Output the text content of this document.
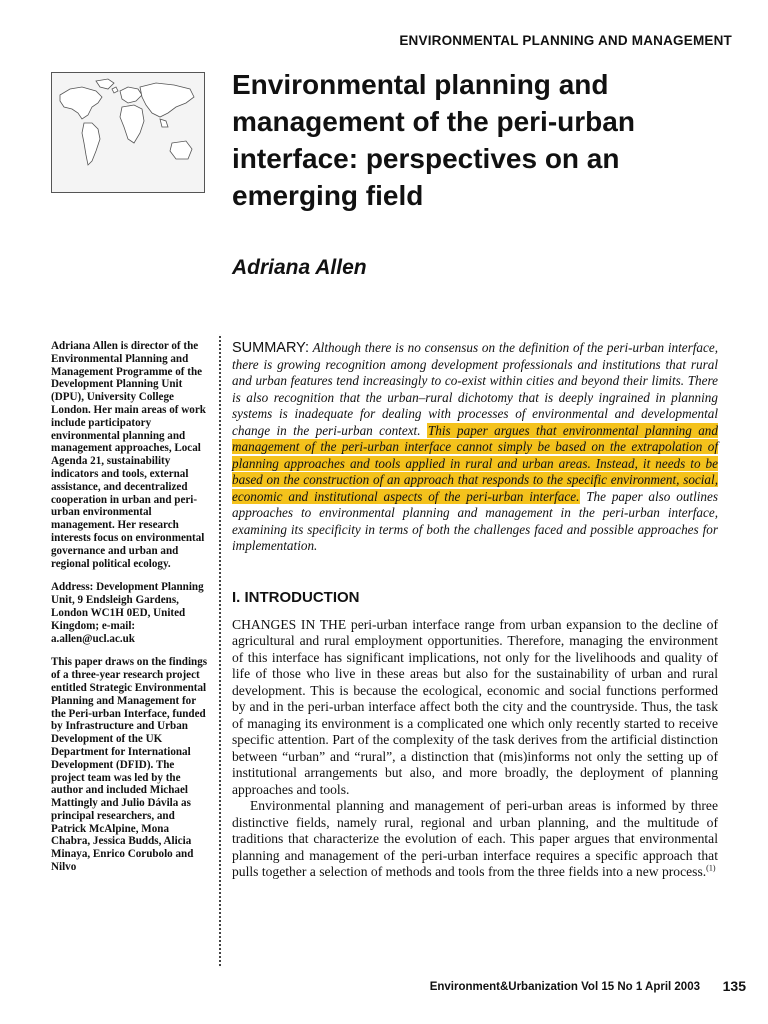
ENVIRONMENTAL PLANNING AND MANAGEMENT
Environmental planning and management of the peri-urban interface: perspectives on an emerging field
Adriana Allen

Adriana Allen is director of the Environmental Planning and Management Programme of the Development Planning Unit (DPU), University College London. Her main areas of work include participatory environmental planning and management approaches, Local Agenda 21, sustainability indicators and tools, external assistance, and decentralized cooperation in urban and peri-urban environmental management. Her research interests focus on environmental governance and urban and regional political ecology.

Address: Development Planning Unit, 9 Endsleigh Gardens, London WC1H 0ED, United Kingdom; e-mail: a.allen@ucl.ac.uk

This paper draws on the findings of a three-year research project entitled Strategic Environmental Planning and Management for the Peri-urban Interface, funded by Infrastructure and Urban Development of the UK Department for International Development (DFID). The project team was led by the author and included Michael Mattingly and Julio Dávila as principal researchers, and Patrick McAlpine, Mona Chabra, Jessica Budds, Alicia Minaya, Enrico Corubolo and Nilvo

SUMMARY: Although there is no consensus on the definition of the peri-urban interface, there is growing recognition among development professionals and institutions that rural and urban features tend increasingly to co-exist within cities and beyond their limits. There is also recognition that the urban–rural dichotomy that is deeply ingrained in planning systems is inadequate for dealing with processes of environmental and developmental change in the peri-urban context. This paper argues that environmental planning and management of the peri-urban interface cannot simply be based on the extrapolation of planning approaches and tools applied in rural and urban areas. Instead, it needs to be based on the construction of an approach that responds to the specific environment, social, economic and institutional aspects of the peri-urban interface. The paper also outlines approaches to environmental planning and management in the peri-urban interface, examining its specificity in terms of both the challenges faced and possible approaches for implementation.

I. INTRODUCTION

CHANGES IN THE peri-urban interface range from urban expansion to the decline of agricultural and rural employment opportunities. Therefore, managing the environment of this interface has significant implications, not only for the livelihoods and quality of life of those who live in these areas but also for the sustainability of urban and rural development. This is because the ecological, economic and social functions performed by and in the peri-urban interface affect both the city and the countryside. Thus, the task of managing its environment is a complicated one which only recently started to receive specific attention. Part of the complexity of the task derives from the artificial distinction between “urban” and “rural”, a distinction that (mis)informs not only the setting up of institutional arrangements but also, and more broadly, the deployment of planning approaches and tools.

Environmental planning and management of peri-urban areas is informed by three distinctive fields, namely rural, regional and urban planning, and the multitude of traditions that characterize the evolution of each. This paper argues that environmental planning and management of the peri-urban interface requires a specific approach that pulls together a selection of methods and tools from the three fields into a new process.$^{(1)}$

Environment&Urbanization Vol 15 No 1 April 2003	135
